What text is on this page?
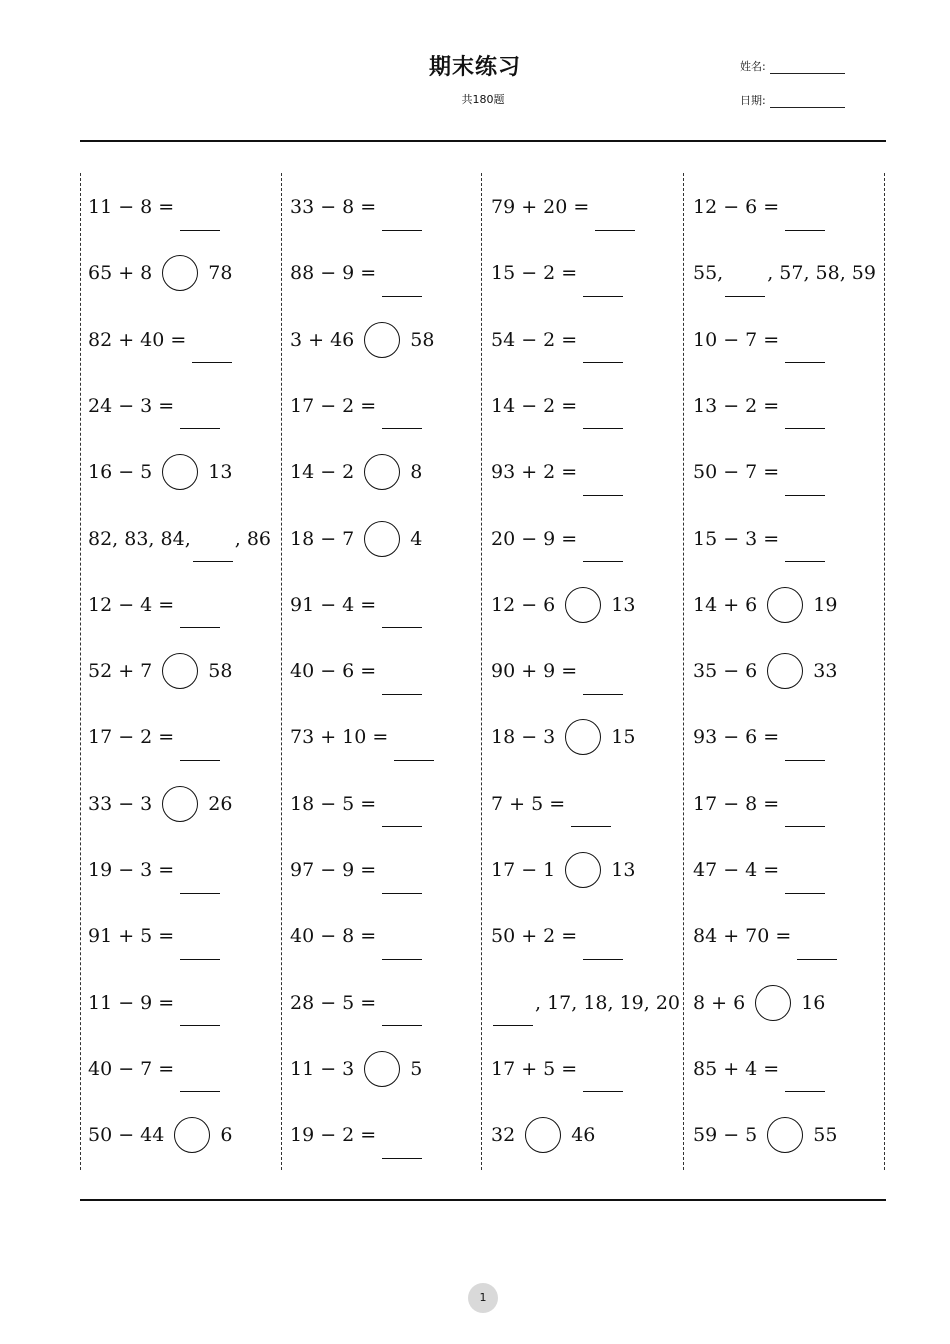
期末练习
共180题
姓名:
日期:
11 − 8 =
65 + 8	78
82 + 40 =
24 − 3 =
16 − 5	13
82, 83, 84, , 86
12 − 4 =
52 + 7	58
17 − 2 =
33 − 3	26
19 − 3 =
91 + 5 =
11 − 9 =
40 − 7 =
50 − 44	6
33 − 8 =
88 − 9 =
3 + 46	58
17 − 2 =
14 − 2	8
18 − 7	4
91 − 4 =
40 − 6 =
73 + 10 =
18 − 5 =
97 − 9 =
40 − 8 =
28 − 5 =
11 − 3	5
19 − 2 =
79 + 20 =
15 − 2 =
54 − 2 =
14 − 2 =
93 + 2 =
20 − 9 =
12 − 6	13
90 + 9 =
18 − 3	15
7 + 5 =
17 − 1	13
50 + 2 =
, 17, 18, 19, 20
17 + 5 =
32	46
12 − 6 =
55, , 57, 58, 59
10 − 7 =
13 − 2 =
50 − 7 =
15 − 3 =
14 + 6	19
35 − 6	33
93 − 6 =
17 − 8 =
47 − 4 =
84 + 70 =
8 + 6	16
85 + 4 =
59 − 5	55
1
